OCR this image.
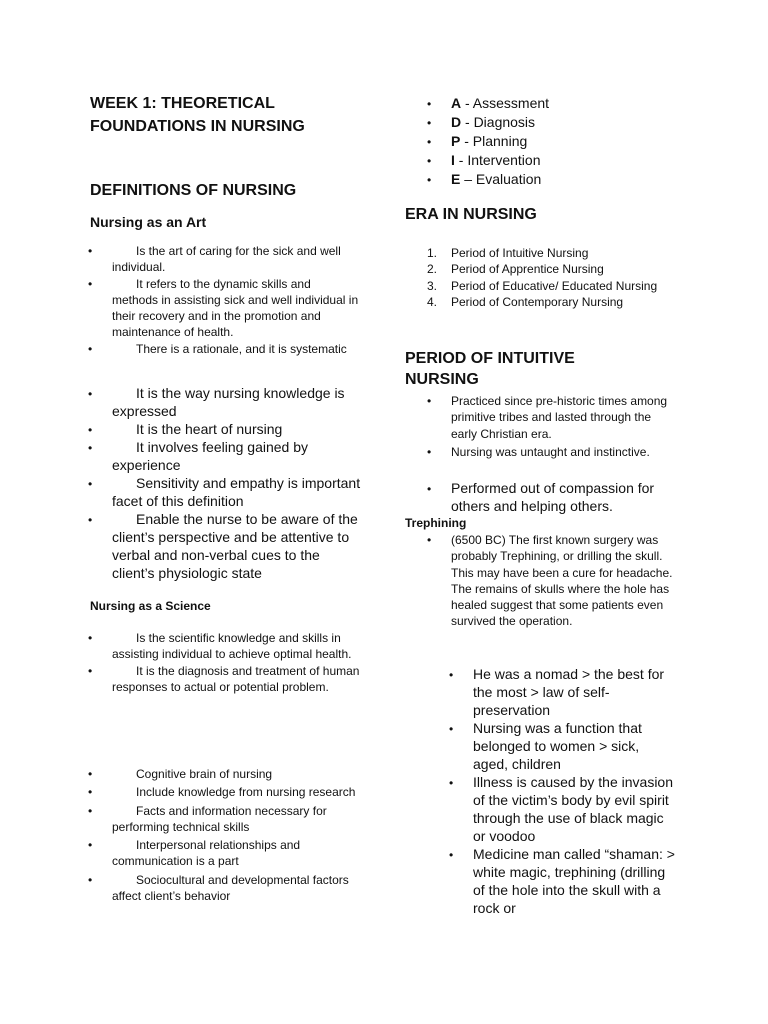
WEEK 1: THEORETICAL
FOUNDATIONS IN NURSING
DEFINITIONS OF NURSING
Nursing as an Art
•	Is the art of caring for the sick and well individual.
•	It refers to the dynamic skills and methods in assisting sick and well individual in their recovery and in the promotion and maintenance of health.
•	There is a rationale, and it is systematic
•	It is the way nursing knowledge is expressed
•	It is the heart of nursing
•	It involves feeling gained by experience
•	Sensitivity and empathy is important facet of this definition
•	Enable the nurse to be aware of the client’s perspective and be attentive to verbal and non-verbal cues to the client’s physiologic state
Nursing as a Science
•	Is the scientific knowledge and skills in assisting individual to achieve optimal health.
•	It is the diagnosis and treatment of human responses to actual or potential problem.
•	Cognitive brain of nursing
•	Include knowledge from nursing research
•	Facts and information necessary for performing technical skills
•	Interpersonal relationships and communication is a part
•	Sociocultural and developmental factors affect client’s behavior
• A - Assessment
• D - Diagnosis
• P - Planning
• I - Intervention
• E – Evaluation
ERA IN NURSING
1. Period of Intuitive Nursing
2. Period of Apprentice Nursing
3. Period of Educative/ Educated Nursing
4. Period of Contemporary Nursing
PERIOD OF INTUITIVE
NURSING
• Practiced since pre-historic times among primitive tribes and lasted through the early Christian era.
• Nursing was untaught and instinctive.
• Performed out of compassion for others and helping others.
Trephining
• (6500 BC) The first known surgery was probably Trephining, or drilling the skull. This may have been a cure for headache. The remains of skulls where the hole has healed suggest that some patients even survived the operation.
• He was a nomad > the best for the most > law of self-preservation
• Nursing was a function that belonged to women > sick, aged, children
• Illness is caused by the invasion of the victim’s body by evil spirit through the use of black magic or voodoo
• Medicine man called “shaman: > white magic, trephining (drilling of the hole into the skull with a rock or
